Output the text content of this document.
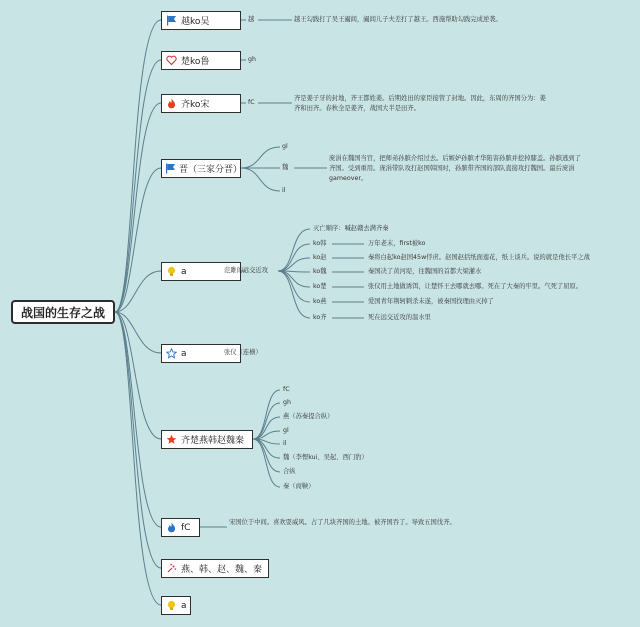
战国的生存之战
越ko吴
楚ko鲁
齐ko宋
晋（三家分晋）
a
a
齐楚燕韩赵魏秦
fC
燕、韩、赵、魏、秦
a
越	越王勾践打了吴王阖闾，阖闾儿子夫差打了越王。西施帮助勾践完成逆袭。
gh
fC
齐是姜子牙的封地，齐王都姓姜。后期姓田的家臣接管了封地。因此，东周的齐国分为：姜齐和田齐。春秋全是姜齐，战国大半是田齐。
gl
魏
il
庞涓在魏国当官，把师弟孙膑介绍过去。后嫉妒孙膑才华陷害孙膑并挖掉膝盖。孙膑逃到了齐国。受到重用。庞涓带队攻打赵国韩国时，孙膑带齐国的部队直接攻打魏国。最后庞涓gameover。
范雎的远交近攻
灭亡顺序：喊赵赣去满齐秦
ko韩	万年老末，first被ko
ko赵	秦将白起ko赵国45w俘虏。赵国赵括纸面莲花，纸上谈兵。说的就是他长平之战
ko魏	秦国决了黄河堤，往魏国的首都大梁灌水
ko楚	张仪用土地做诱饵，让楚怀王去哪就去哪。死在了大秦的牢里。气死了屈原。
ko燕	爱国青年荆轲刺杀未遂，被秦国找理由灭掉了
ko齐	死在远交近攻的温水里
张仪（连横）
fC
gh
燕（苏秦提合纵）
gl
il
魏（李悝kui、吴起、西门豹）
合纵
秦（商鞅）
宋国位于中间。喜欢耍威风。占了几块齐国的土地。被齐国吞了。导致五国伐齐。
